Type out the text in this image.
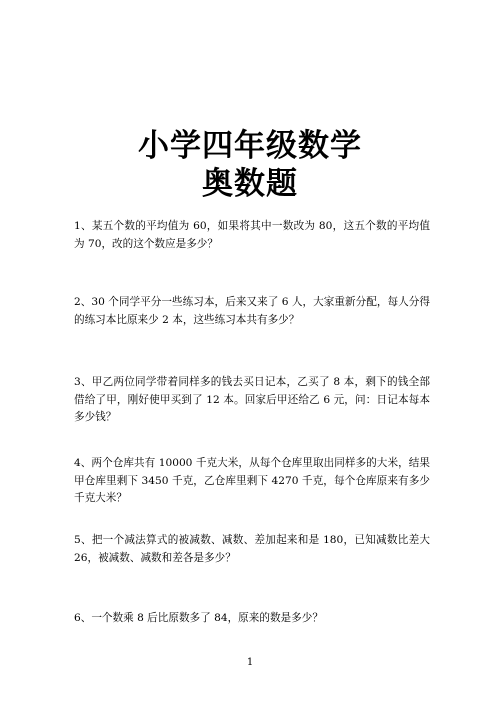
小学四年级数学
奥数题

1、某五个数的平均值为 60，如果将其中一数改为 80，这五个数的平均值为 70，改的这个数应是多少？

2、30 个同学平分一些练习本，后来又来了 6 人，大家重新分配，每人分得的练习本比原来少 2 本，这些练习本共有多少？

3、甲乙两位同学带着同样多的钱去买日记本，乙买了 8 本，剩下的钱全部借给了甲，刚好使甲买到了 12 本。回家后甲还给乙 6 元，问：日记本每本多少钱？

4、两个仓库共有 10000 千克大米，从每个仓库里取出同样多的大米，结果甲仓库里剩下 3450 千克，乙仓库里剩下 4270 千克，每个仓库原来有多少千克大米？

5、把一个减法算式的被减数、减数、差加起来和是 180，已知减数比差大 26，被减数、减数和差各是多少？

6、一个数乘 8 后比原数多了 84，原来的数是多少？

1
